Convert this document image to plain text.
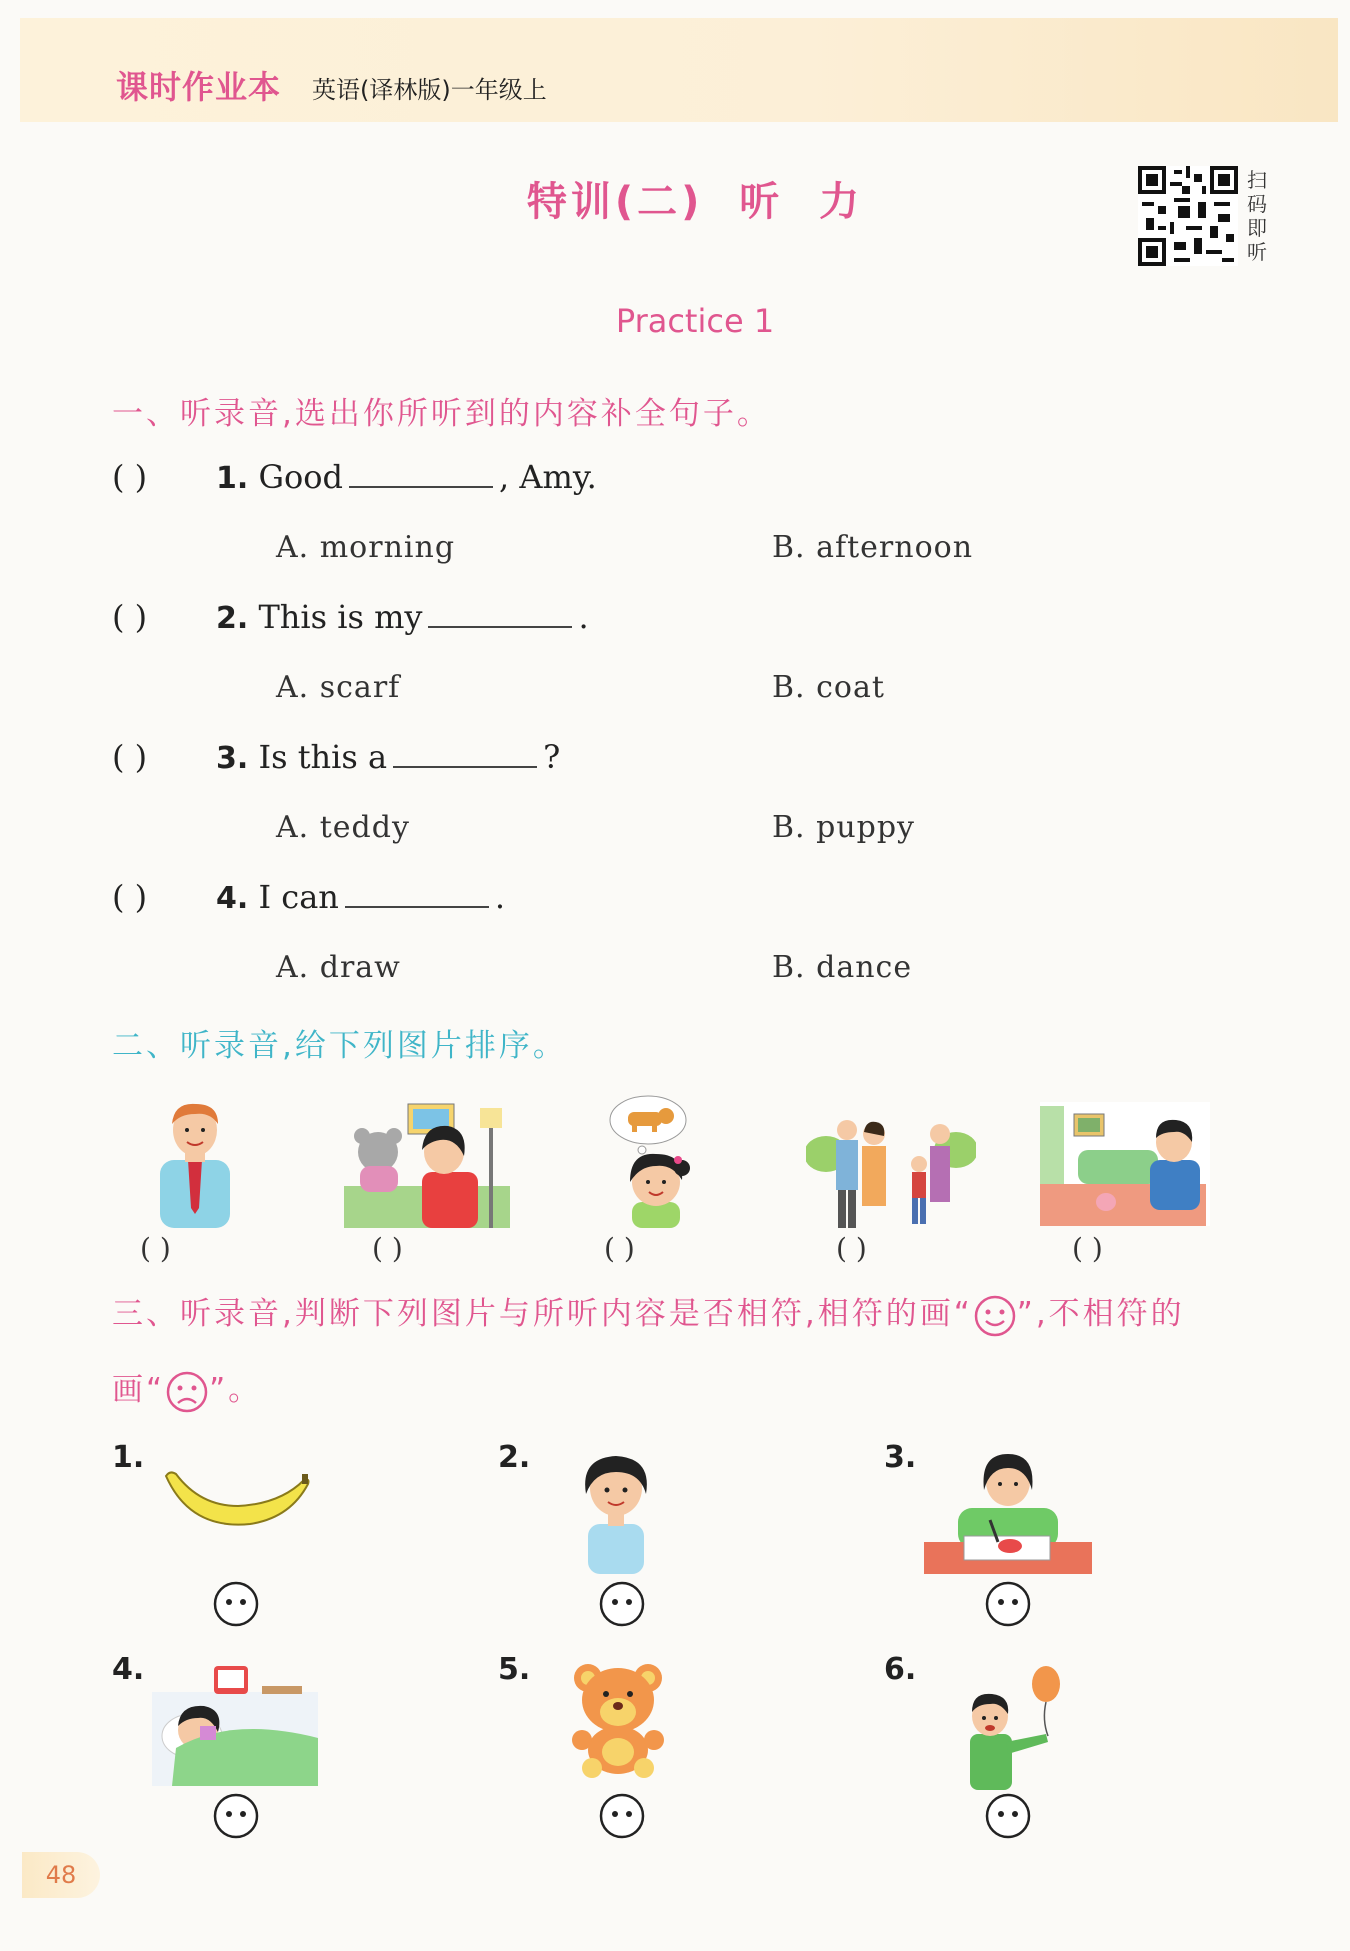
课时作业本 英语(译林版)一年级上
特训(二)  听  力	扫
码
即
听
Practice 1
一、听录音,选出你所听到的内容补全句子。
( ) 1. Good	, Amy.
A. morning	B. afternoon
( ) 2. This is my	.
A. scarf	B. coat
( ) 3. Is this a	?
A. teddy	B. puppy
( ) 4. I can	.
A. draw	B. dance
二、听录音,给下列图片排序。
( )	( )	( )	( )	( )
三、听录音,判断下列图片与所听内容是否相符,相符的画“ ”,不相符的
画“ ”。
1.	2.	3.
4.	5.	6.
48
